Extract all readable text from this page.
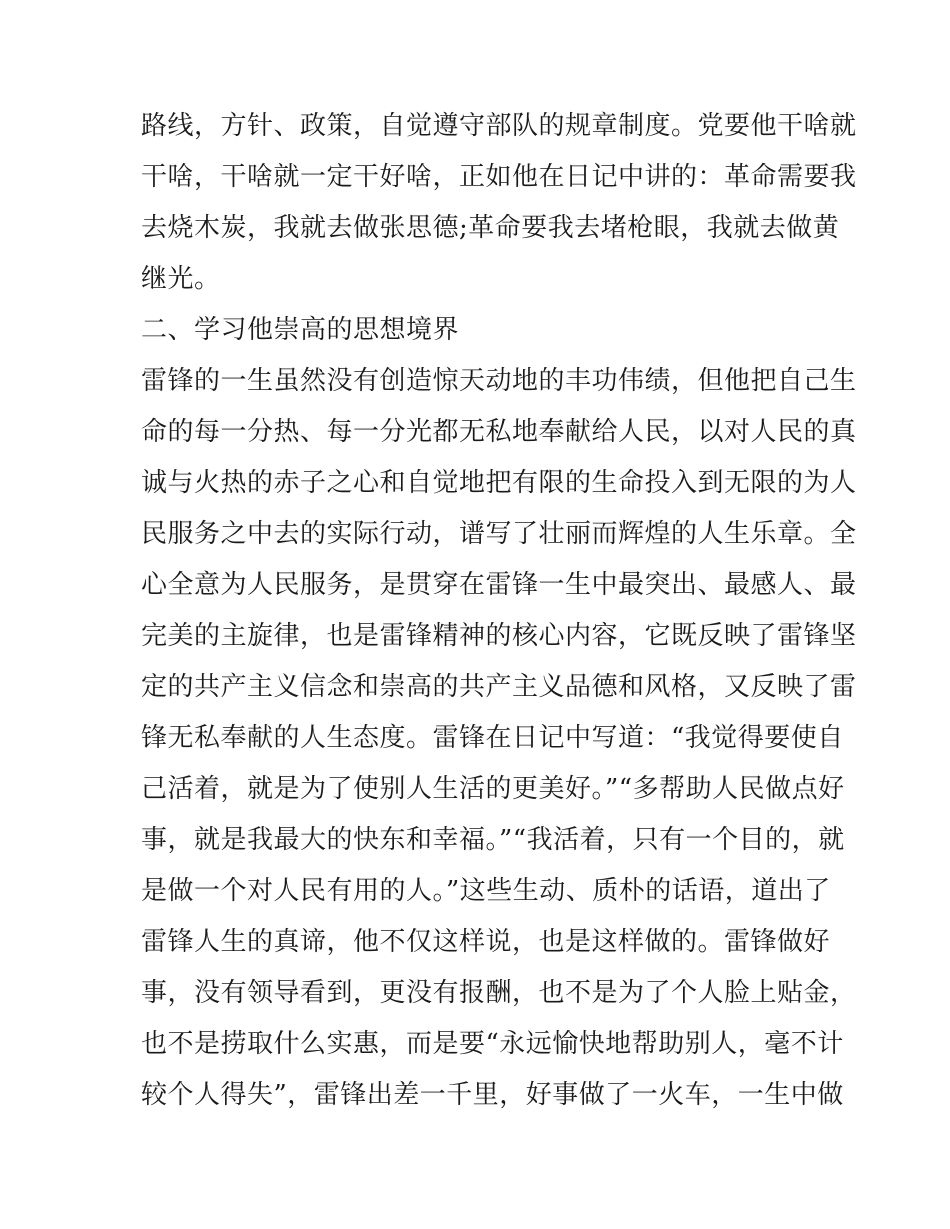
路线，方针、政策，自觉遵守部队的规章制度。党要他干啥就
干啥，干啥就一定干好啥，正如他在日记中讲的：革命需要我
去烧木炭，我就去做张思德;革命要我去堵枪眼，我就去做黄
继光。
二、学习他崇高的思想境界
雷锋的一生虽然没有创造惊天动地的丰功伟绩，但他把自己生
命的每一分热、每一分光都无私地奉献给人民，以对人民的真
诚与火热的赤子之心和自觉地把有限的生命投入到无限的为人
民服务之中去的实际行动，谱写了壮丽而辉煌的人生乐章。全
心全意为人民服务，是贯穿在雷锋一生中最突出、最感人、最
完美的主旋律，也是雷锋精神的核心内容，它既反映了雷锋坚
定的共产主义信念和崇高的共产主义品德和风格，又反映了雷
锋无私奉献的人生态度。雷锋在日记中写道：“我觉得要使自
己活着，就是为了使别人生活的更美好。”“多帮助人民做点好
事，就是我最大的快东和幸福。”“我活着，只有一个目的，就
是做一个对人民有用的人。”这些生动、质朴的话语，道出了
雷锋人生的真谛，他不仅这样说，也是这样做的。雷锋做好
事，没有领导看到，更没有报酬，也不是为了个人脸上贴金，
也不是捞取什么实惠，而是要“永远愉快地帮助别人，毫不计
较个人得失”，雷锋出差一千里，好事做了一火车，一生中做
